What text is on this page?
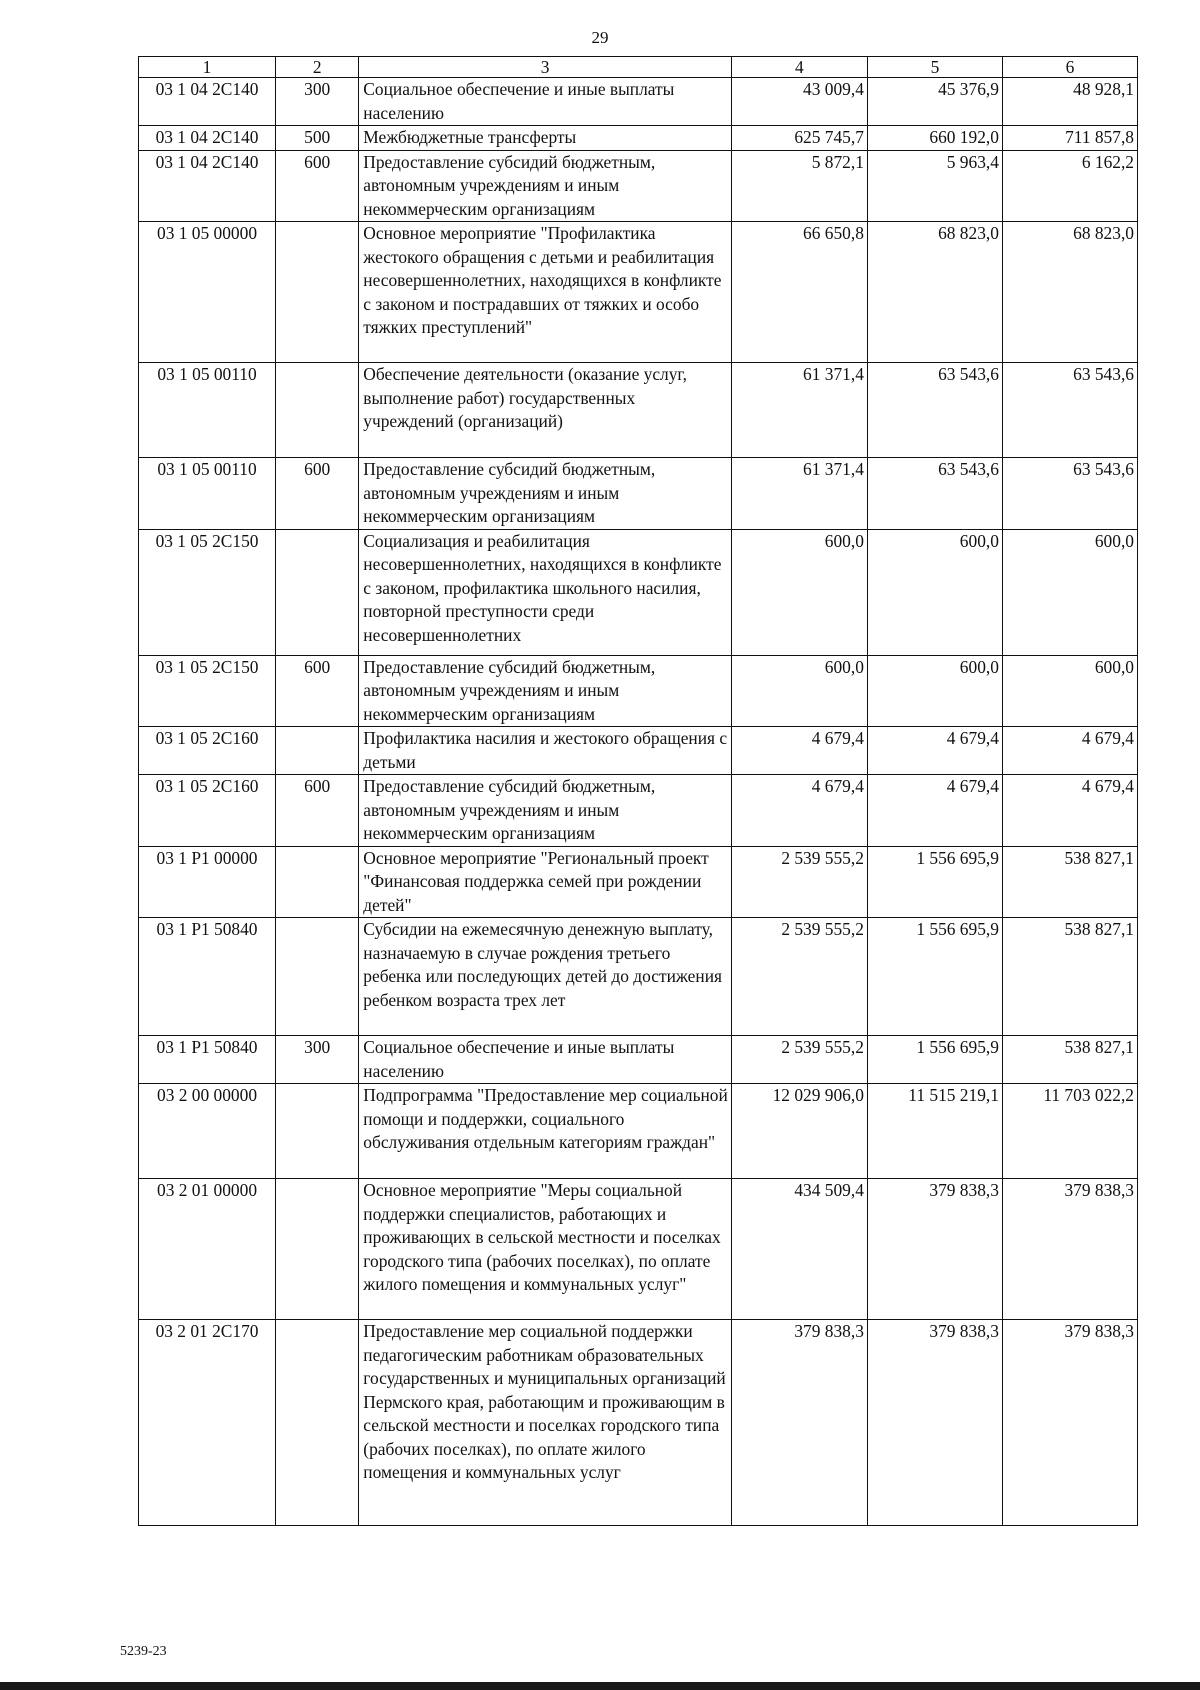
29
1	2	3	4	5	6
03 1 04 2С140	300	Социальное обеспечение и иные выплаты населению	43 009,4	45 376,9	48 928,1
03 1 04 2С140	500	Межбюджетные трансферты	625 745,7	660 192,0	711 857,8
03 1 04 2С140	600	Предоставление субсидий бюджетным, автономным учреждениям и иным некоммерческим организациям	5 872,1	5 963,4	6 162,2
03 1 05 00000		Основное мероприятие "Профилактика жестокого обращения с детьми и реабилитация несовершеннолетних, находящихся в конфликте с законом и пострадавших от тяжких и особо тяжких преступлений"	66 650,8	68 823,0	68 823,0
03 1 05 00110		Обеспечение деятельности (оказание услуг, выполнение работ) государственных учреждений (организаций)	61 371,4	63 543,6	63 543,6
03 1 05 00110	600	Предоставление субсидий бюджетным, автономным учреждениям и иным некоммерческим организациям	61 371,4	63 543,6	63 543,6
03 1 05 2С150		Социализация и реабилитация несовершеннолетних, находящихся в конфликте с законом, профилактика школьного насилия, повторной преступности среди несовершеннолетних	600,0	600,0	600,0
03 1 05 2С150	600	Предоставление субсидий бюджетным, автономным учреждениям и иным некоммерческим организациям	600,0	600,0	600,0
03 1 05 2С160		Профилактика насилия и жестокого обращения с детьми	4 679,4	4 679,4	4 679,4
03 1 05 2С160	600	Предоставление субсидий бюджетным, автономным учреждениям и иным некоммерческим организациям	4 679,4	4 679,4	4 679,4
03 1 Р1 00000		Основное мероприятие "Региональный проект "Финансовая поддержка семей при рождении детей"	2 539 555,2	1 556 695,9	538 827,1
03 1 Р1 50840		Субсидии на ежемесячную денежную выплату, назначаемую в случае рождения третьего ребенка или последующих детей до достижения ребенком возраста трех лет	2 539 555,2	1 556 695,9	538 827,1
03 1 Р1 50840	300	Социальное обеспечение и иные выплаты населению	2 539 555,2	1 556 695,9	538 827,1
03 2 00 00000		Подпрограмма "Предоставление мер социальной помощи и поддержки, социального обслуживания отдельным категориям граждан"	12 029 906,0	11 515 219,1	11 703 022,2
03 2 01 00000		Основное мероприятие "Меры социальной поддержки специалистов, работающих и проживающих в сельской местности и поселках городского типа (рабочих поселках), по оплате жилого помещения и коммунальных услуг"	434 509,4	379 838,3	379 838,3
03 2 01 2С170		Предоставление мер социальной поддержки педагогическим работникам образовательных государственных и муниципальных организаций Пермского края, работающим и проживающим в сельской местности и поселках городского типа (рабочих поселках), по оплате жилого помещения и коммунальных услуг	379 838,3	379 838,3	379 838,3
5239-23
